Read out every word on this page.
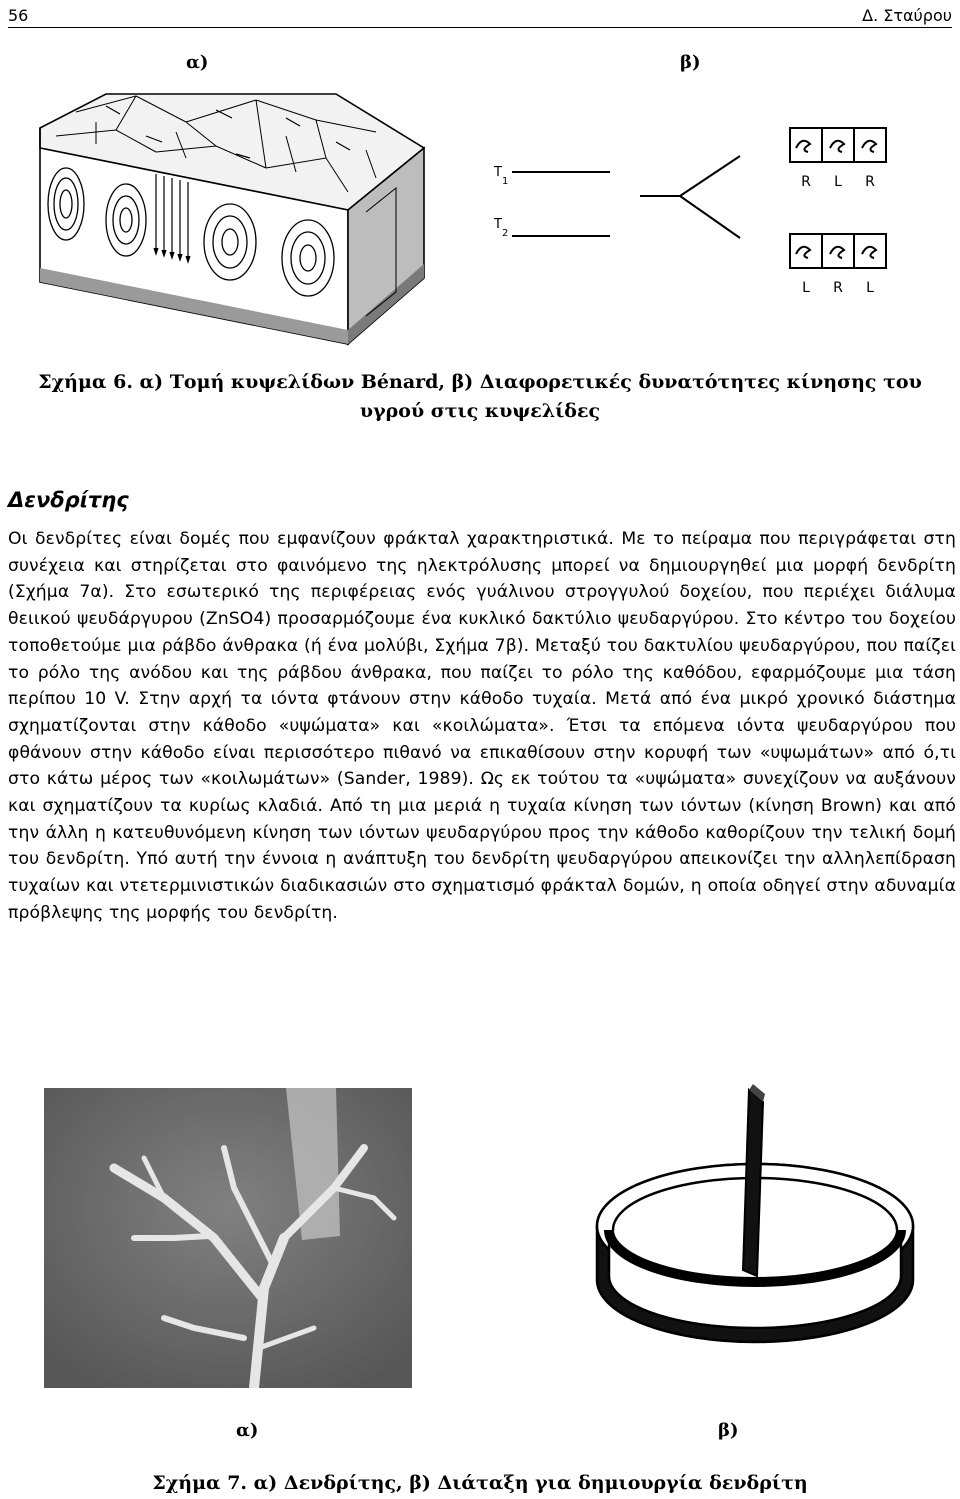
56	Δ. Σταύρου
α)	β)
T
1
T
2
R L R
L R L
Σχήμα 6. α) Τομή κυψελίδων Bénard, β) Διαφορετικές δυνατότητες κίνησης του υγρού στις κυψελίδες
Δενδρίτης
Οι δενδρίτες είναι δομές που εμφανίζουν φράκταλ χαρακτηριστικά. Με το πείραμα που περιγράφεται στη συνέχεια και στηρίζεται στο φαινόμενο της ηλεκτρόλυσης μπορεί να δημιουργηθεί μια μορφή δενδρίτη (Σχήμα 7α). Στο εσωτερικό της περιφέρειας ενός γυάλινου στρογγυλού δοχείου, που περιέχει διάλυμα θειικού ψευδάργυρου (ZnSO4) προσαρμόζουμε ένα κυκλικό δακτύλιο ψευδαργύρου. Στο κέντρο του δοχείου τοποθετούμε μια ράβδο άνθρακα (ή ένα μολύβι, Σχήμα 7β). Μεταξύ του δακτυλίου ψευδαργύρου, που παίζει το ρόλο της ανόδου και της ράβδου άνθρακα, που παίζει το ρόλο της καθόδου, εφαρμόζουμε μια τάση περίπου 10 V. Στην αρχή τα ιόντα φτάνουν στην κάθοδο τυχαία. Μετά από ένα μικρό χρονικό διάστημα σχηματίζονται στην κάθοδο «υψώματα» και «κοιλώματα». Έτσι τα επόμενα ιόντα ψευδαργύρου που φθάνουν στην κάθοδο είναι περισσότερο πιθανό να επικαθίσουν στην κορυφή των «υψωμάτων» από ό,τι στο κάτω μέρος των «κοιλωμάτων» (Sander, 1989). Ως εκ τούτου τα «υψώματα» συνεχίζουν να αυξάνουν και σχηματίζουν τα κυρίως κλαδιά. Από τη μια μεριά η τυχαία κίνηση των ιόντων (κίνηση Brown) και από την άλλη η κατευθυνόμενη κίνηση των ιόντων ψευδαργύρου προς την κάθοδο καθορίζουν την τελική δομή του δενδρίτη. Υπό αυτή την έννοια η ανάπτυξη του δενδρίτη ψευδαργύρου απεικονίζει την αλληλεπίδραση τυχαίων και ντετερμινιστικών διαδικασιών στο σχηματισμό φράκταλ δομών, η οποία οδηγεί στην αδυναμία πρόβλεψης της μορφής του δενδρίτη.
α)	β)
Σχήμα 7. α) Δενδρίτης, β) Διάταξη για δημιουργία δενδρίτη
